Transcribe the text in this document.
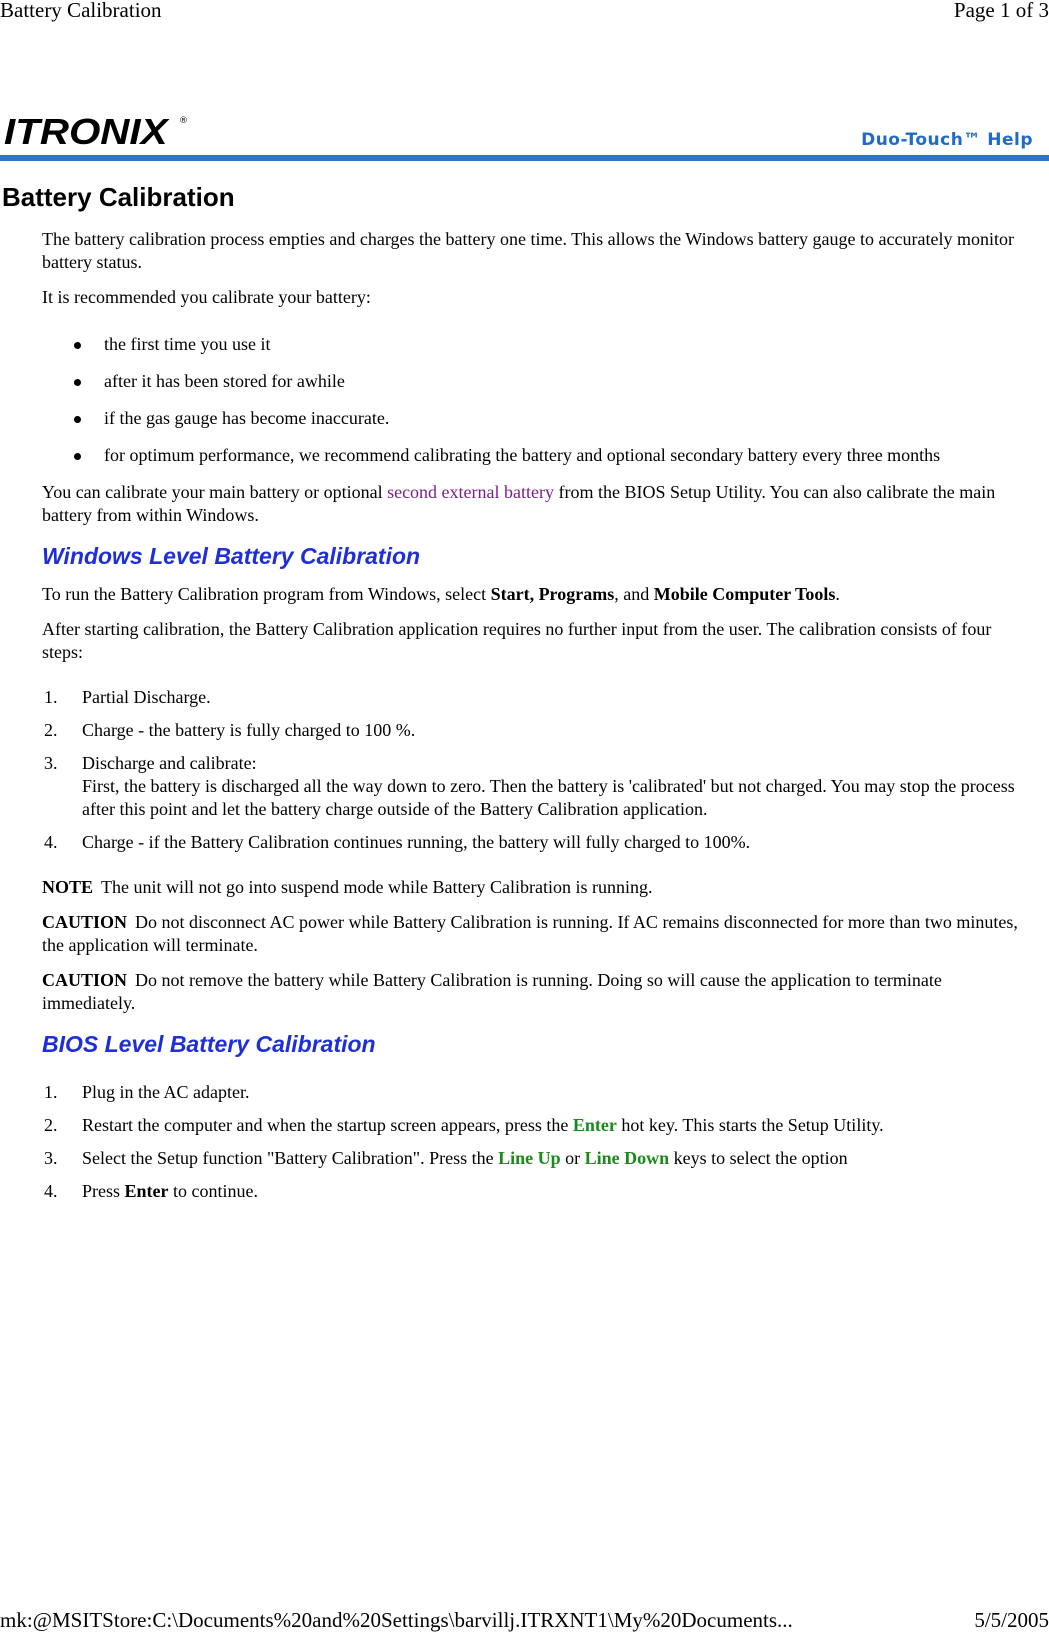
Battery Calibration	Page 1 of 3
ITRONIX ®
Duo-Touch™ Help
Battery Calibration

The battery calibration process empties and charges the battery one time. This allows the Windows battery gauge to accurately monitor battery status.

It is recommended you calibrate your battery:

the first time you use it
after it has been stored for awhile
if the gas gauge has become inaccurate.
for optimum performance, we recommend calibrating the battery and optional secondary battery every three months

You can calibrate your main battery or optional second external battery from the BIOS Setup Utility. You can also calibrate the main battery from within Windows.

Windows Level Battery Calibration

To run the Battery Calibration program from Windows, select Start, Programs, and Mobile Computer Tools.

After starting calibration, the Battery Calibration application requires no further input from the user. The calibration consists of four steps:

1. Partial Discharge.
2. Charge - the battery is fully charged to 100 %.
3. Discharge and calibrate:
First, the battery is discharged all the way down to zero. Then the battery is 'calibrated' but not charged. You may stop the process after this point and let the battery charge outside of the Battery Calibration application.
4. Charge - if the Battery Calibration continues running, the battery will fully charged to 100%.

NOTE The unit will not go into suspend mode while Battery Calibration is running.

CAUTION Do not disconnect AC power while Battery Calibration is running. If AC remains disconnected for more than two minutes, the application will terminate.

CAUTION Do not remove the battery while Battery Calibration is running. Doing so will cause the application to terminate immediately.

BIOS Level Battery Calibration
1. Plug in the AC adapter.
2. Restart the computer and when the startup screen appears, press the Enter hot key. This starts the Setup Utility.
3. Select the Setup function "Battery Calibration". Press the Line Up or Line Down keys to select the option
4. Press Enter to continue.
mk:@MSITStore:C:\Documents%20and%20Settings\barvillj.ITRXNT1\My%20Documents...	5/5/2005
